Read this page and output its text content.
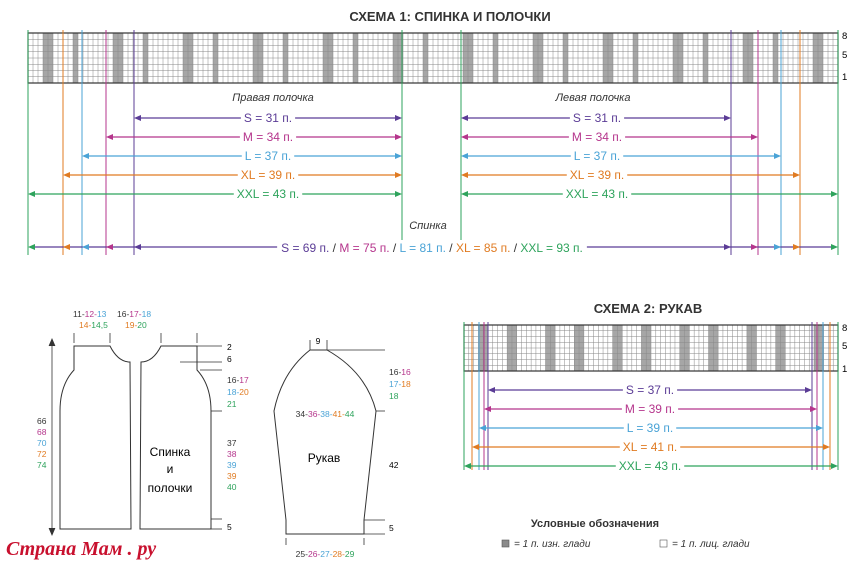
СХЕМА 1: СПИНКА И ПОЛОЧКИ
8
5
1
Правая полочка	Левая полочка
S = 31 п.	S = 31 п.
M = 34 п.	M = 34 п.
L = 37 п.	L = 37 п.
XL = 39 п.	XL = 39 п.
XXL = 43 п.	XXL = 43 п.
Спинка
S = 69 п. / M = 75 п. / L = 81 п. / XL = 85 п. / XXL = 93 п.
СХЕМА 2: РУКАВ
8
5
1
S = 37 п.
M = 39 п.
L = 39 п.
XL = 41 п.
XXL = 43 п.
11-12-13
14-14,5
16-17-18
19-20
66 68 70 72 74
2
6
16-17
18-20
21
37 38 39 39 40
5
Спинка
и
полочки
9
16-16
17-18
18
34-36-38-41-44
42
5
25-26-27-28-29
Рукав
Условные обозначения
= 1 п. изн. глади	= 1 п. лиц. глади
Страна Мам . ру
